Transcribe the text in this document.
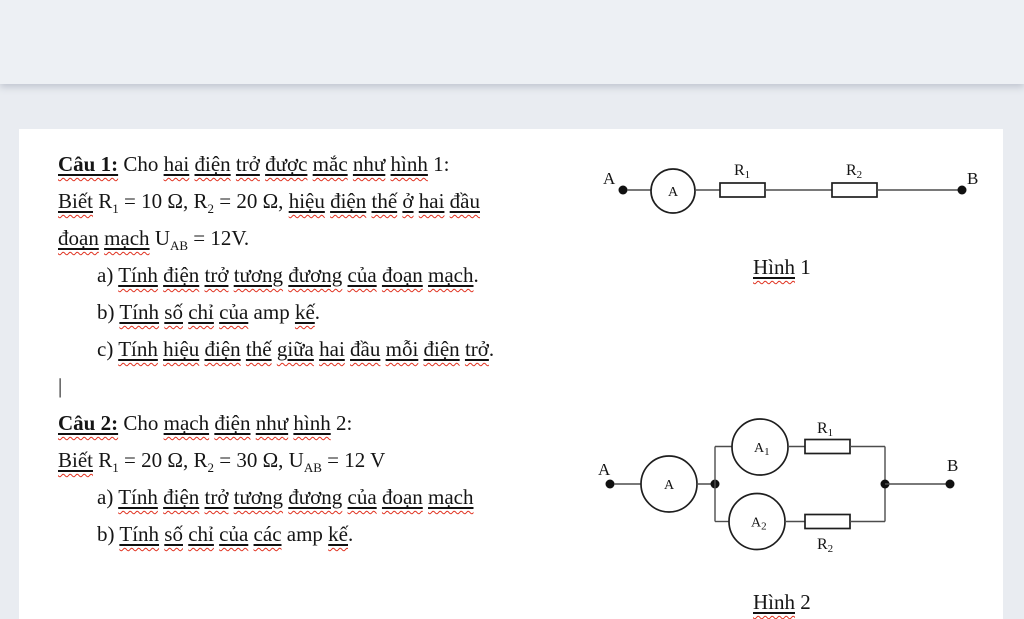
Câu 1: Cho hai điện trở được mắc như hình 1:
Biết $R_1 = 10$ Ω, $R_2 = 20$ Ω, hiệu điện thế ở hai đầu
đoạn mạch $U_{AB} = 12V$.
a) Tính điện trở tương đương của đoạn mạch.
b) Tính số chỉ của amp kế.
c) Tính hiệu điện thế giữa hai đầu mỗi điện trở.
|
Câu 2: Cho mạch điện như hình 2:
Biết $R_1 = 20$ Ω, $R_2 = 30$ Ω, $U_{AB} = 12$ V
a) Tính điện trở tương đương của đoạn mạch
b) Tính số chỉ của các amp kế.
A
A
R1	R2	B
Hình 1
A
A
$A_1$
R1
$A_2$
R2
B
Hình 2
